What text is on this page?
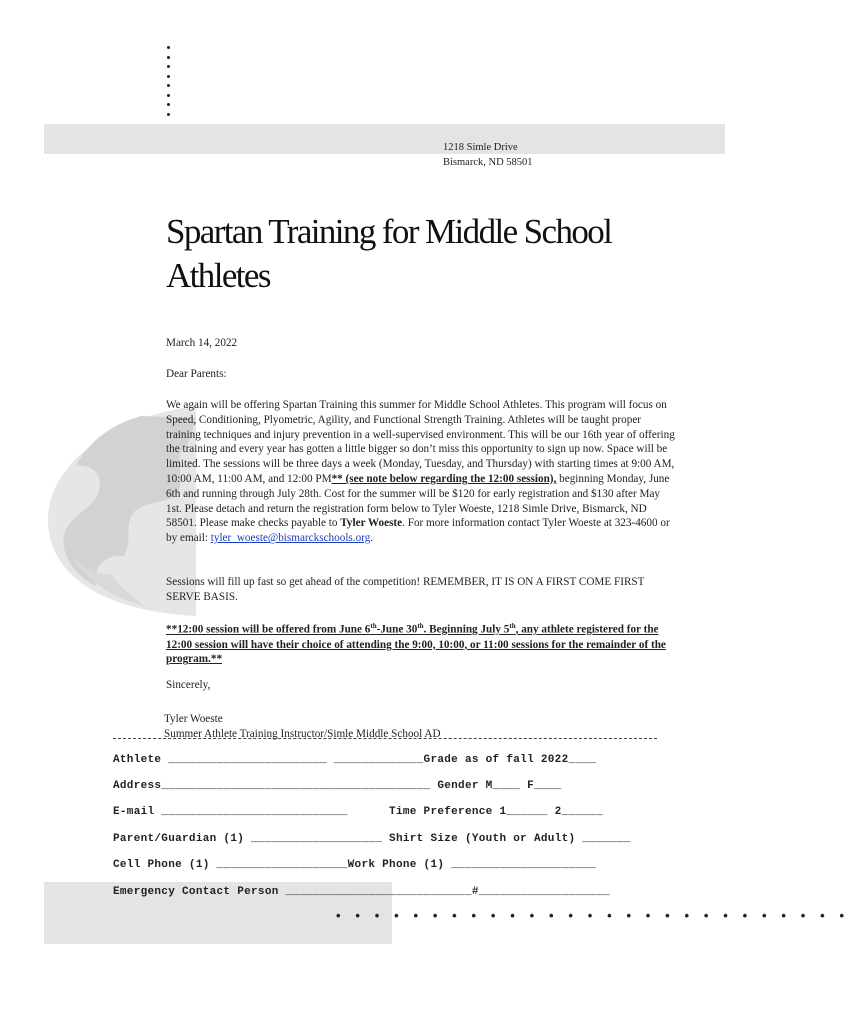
1218 Simle Drive
Bismarck, ND 58501
Spartan Training for Middle School Athletes
March 14, 2022
Dear Parents:
We again will be offering Spartan Training this summer for Middle School Athletes. This program will focus on Speed, Conditioning, Plyometric, Agility, and Functional Strength Training. Athletes will be taught proper training techniques and injury prevention in a well-supervised environment. This will be our 16th year of offering the training and every year has gotten a little bigger so don’t miss this opportunity to sign up now. Space will be limited. The sessions will be three days a week (Monday, Tuesday, and Thursday) with starting times at 9:00 AM, 10:00 AM, 11:00 AM, and 12:00 PM** (see note below regarding the 12:00 session), beginning Monday, June 6th and running through July 28th. Cost for the summer will be $120 for early registration and $130 after May 1st. Please detach and return the registration form below to Tyler Woeste, 1218 Simle Drive, Bismarck, ND 58501. Please make checks payable to Tyler Woeste. For more information contact Tyler Woeste at 323-4600 or by email: tyler_woeste@bismarckschools.org.
Sessions will fill up fast so get ahead of the competition! REMEMBER, IT IS ON A FIRST COME FIRST SERVE BASIS.
**12:00 session will be offered from June 6th-June 30th. Beginning July 5th, any athlete registered for the 12:00 session will have their choice of attending the 9:00, 10:00, or 11:00 sessions for the remainder of the program.**
Sincerely,
Tyler Woeste
Summer Athlete Training Instructor/Simle Middle School AD
Athlete _______________________ _____________Grade as of fall 2022____
Address_______________________________________ Gender M____ F____
E-mail ___________________________      Time Preference 1______ 2______
Parent/Guardian (1) ___________________ Shirt Size (Youth or Adult) _______
Cell Phone (1) ___________________Work Phone (1) _____________________
Emergency Contact Person ___________________________#___________________
• • • • • • • • • • • • • • • • • • • • • • • • • • •
